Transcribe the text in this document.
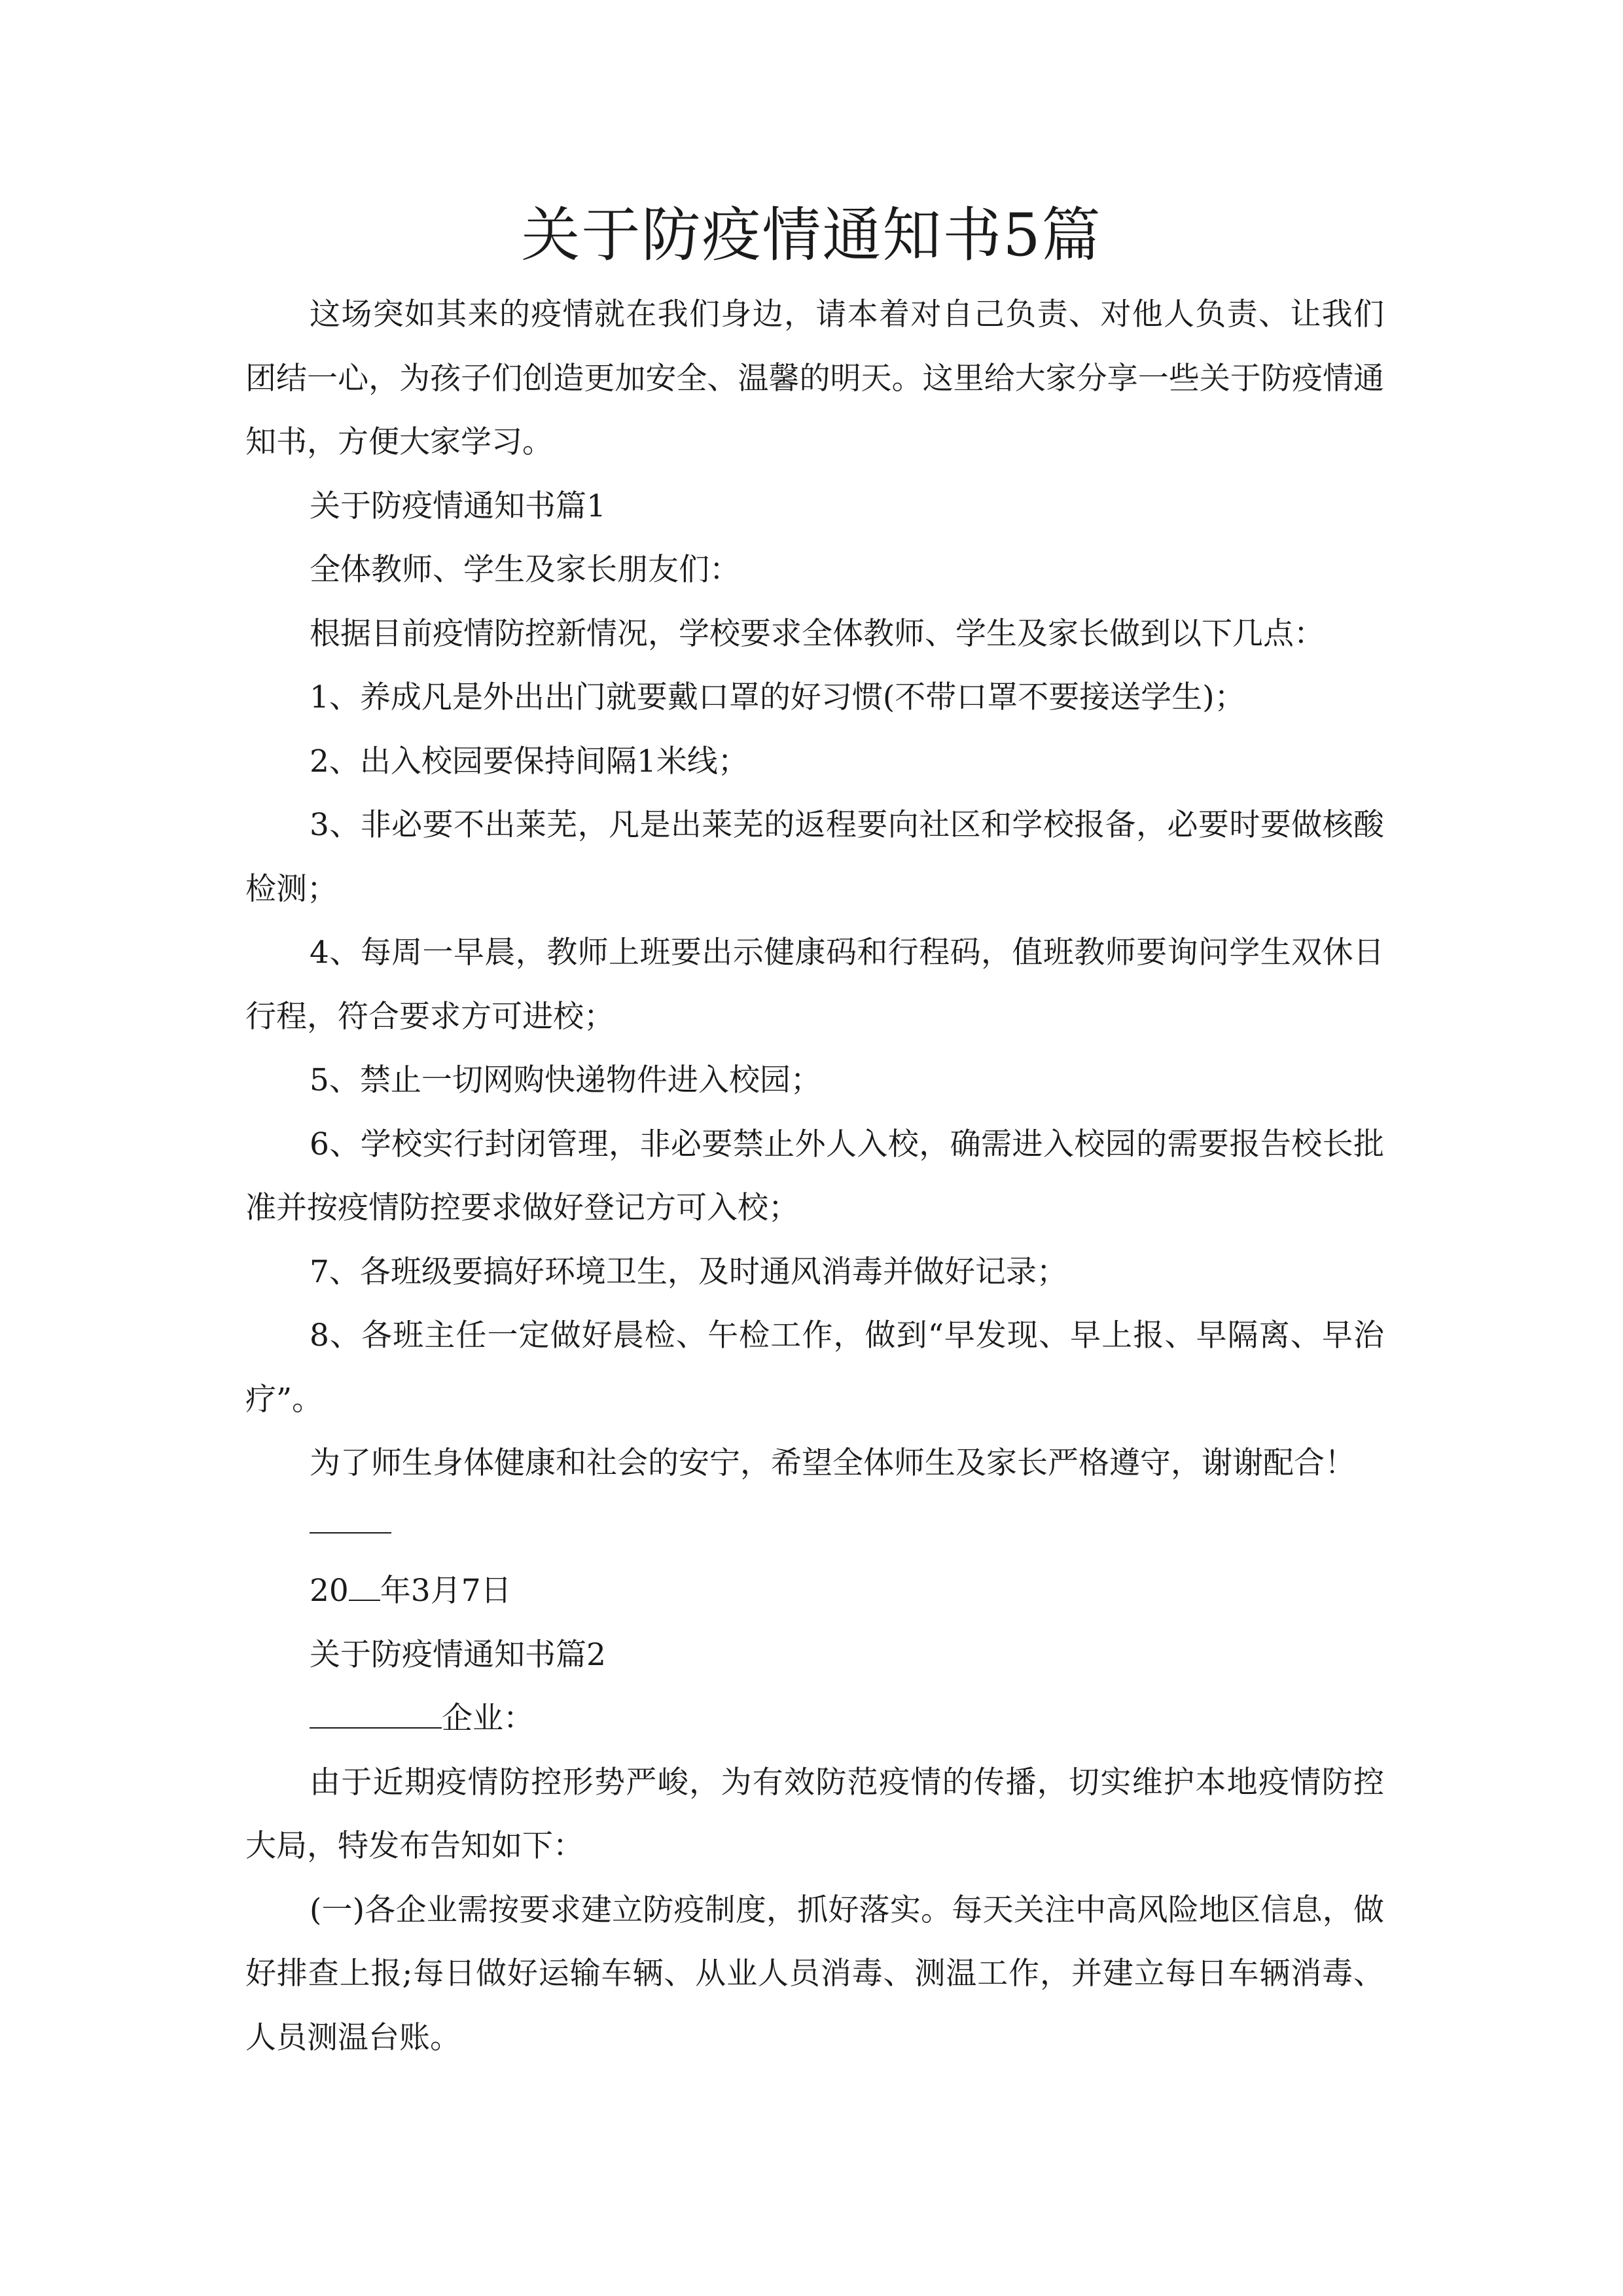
关于防疫情通知书5篇

这场突如其来的疫情就在我们身边，请本着对自己负责、对他人负责、让我们团结一心，为孩子们创造更加安全、温馨的明天。这里给大家分享一些关于防疫情通知书，方便大家学习。

关于防疫情通知书篇1

全体教师、学生及家长朋友们：

根据目前疫情防控新情况，学校要求全体教师、学生及家长做到以下几点：

1、养成凡是外出出门就要戴口罩的好习惯(不带口罩不要接送学生)；

2、出入校园要保持间隔1米线；

3、非必要不出莱芜，凡是出莱芜的返程要向社区和学校报备，必要时要做核酸检测；

4、每周一早晨，教师上班要出示健康码和行程码，值班教师要询问学生双休日行程，符合要求方可进校；

5、禁止一切网购快递物件进入校园；

6、学校实行封闭管理，非必要禁止外人入校，确需进入校园的需要报告校长批准并按疫情防控要求做好登记方可入校；

7、各班级要搞好环境卫生，及时通风消毒并做好记录；

8、各班主任一定做好晨检、午检工作，做到“早发现、早上报、早隔离、早治疗”。

为了师生身体健康和社会的安宁，希望全体师生及家长严格遵守，谢谢配合！

20 年3月7日

关于防疫情通知书篇2

企业：

由于近期疫情防控形势严峻，为有效防范疫情的传播，切实维护本地疫情防控大局，特发布告知如下：

(一)各企业需按要求建立防疫制度，抓好落实。每天关注中高风险地区信息，做好排查上报;每日做好运输车辆、从业人员消毒、测温工作，并建立每日车辆消毒、人员测温台账。
